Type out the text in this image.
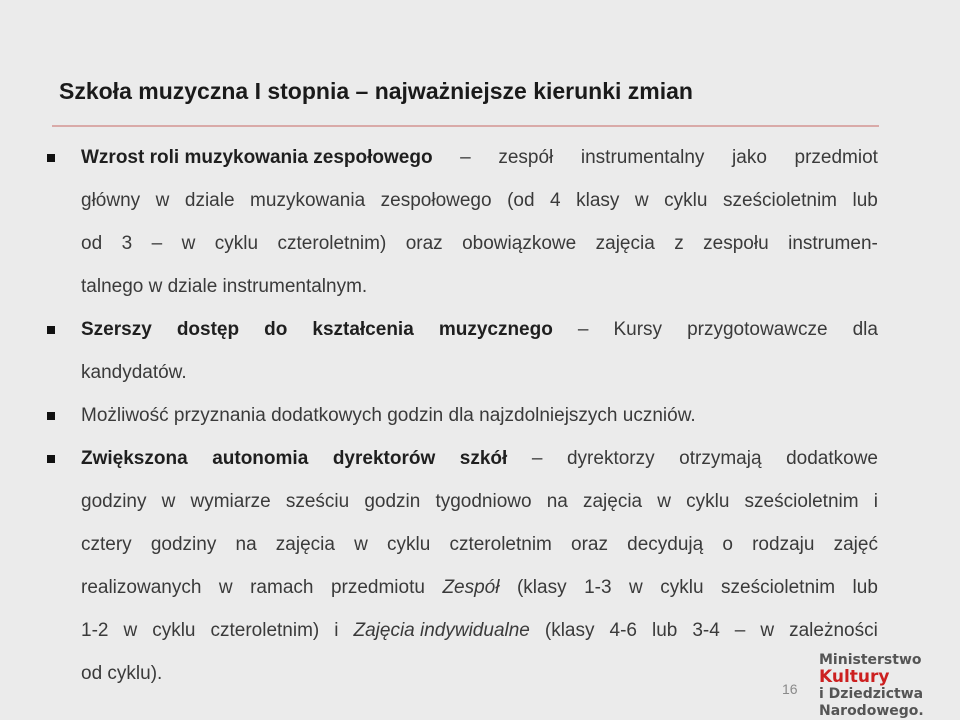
Szkoła muzyczna I stopnia – najważniejsze kierunki zmian
Wzrost roli muzykowania zespołowego – zespół instrumentalny jako przedmiot
główny w dziale muzykowania zespołowego (od 4 klasy w cyklu sześcioletnim lub
od 3 – w cyklu czteroletnim) oraz obowiązkowe zajęcia z zespołu instrumen-
talnego w dziale instrumentalnym.
Szerszy dostęp do kształcenia muzycznego – Kursy przygotowawcze dla
kandydatów.
Możliwość przyznania dodatkowych godzin dla najzdolniejszych uczniów.
Zwiększona autonomia dyrektorów szkół – dyrektorzy otrzymają dodatkowe
godziny w wymiarze sześciu godzin tygodniowo na zajęcia w cyklu sześcioletnim i
cztery godziny na zajęcia w cyklu czteroletnim oraz decydują o rodzaju zajęć
realizowanych w ramach przedmiotu Zespół (klasy 1-3 w cyklu sześcioletnim lub
1-2 w cyklu czteroletnim) i Zajęcia indywidualne (klasy 4-6 lub 3-4 – w zależności
od cyklu).
16
Ministerstwo
Kultury
i Dziedzictwa
Narodowego.
